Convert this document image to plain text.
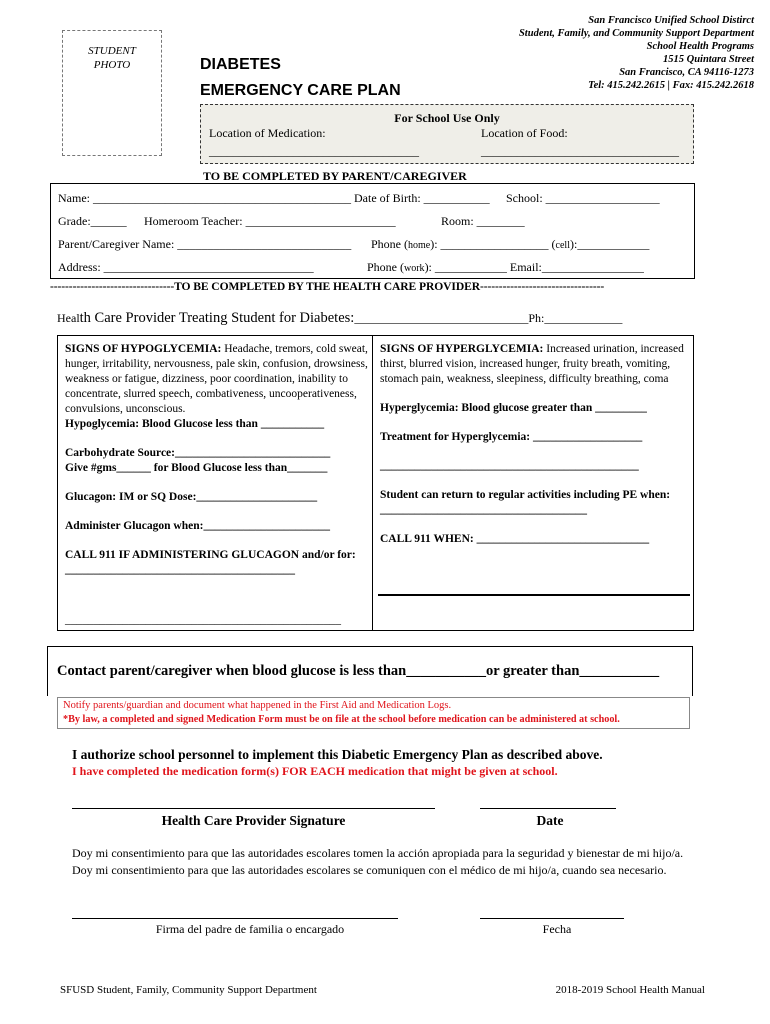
STUDENT
PHOTO	DIABETES
EMERGENCY CARE PLAN
San Francisco Unified School Distirct
Student, Family, and Community Support Department
School Health Programs
1515 Quintara Street
San Francisco, CA 94116-1273
Tel: 415.242.2615 | Fax: 415.242.2618
For School Use Only
Location of Medication:	Location of Food:
___________________________________	_________________________________
TO BE COMPLETED BY PARENT/CAREGIVER
Name: ___________________________________________ Date of Birth: ___________ School: ___________________
Grade:______ Homeroom Teacher: _________________________	Room: ________
Parent/Caregiver Name: _____________________________ Phone (home): __________________ (cell):____________
Address: ___________________________________	Phone (work): ____________ Email:_________________
---------------------------------TO BE COMPLETED BY THE HEALTH CARE PROVIDER---------------------------------
Health Care Provider Treating Student for Diabetes:_____________________________Ph:_____________
SIGNS OF HYPOGLYCEMIA: Headache, tremors, cold sweat, hunger, irritability, nervousness, pale skin, confusion, drowsiness, weakness or fatigue, dizziness, poor coordination, inability to concentrate, slurred speech, combativeness, uncooperativeness, convulsions, unconscious.
Hypoglycemia: Blood Glucose less than ___________
Carbohydrate Source:___________________________
Give #gms______ for Blood Glucose less than_______
Glucagon: IM or SQ Dose:_____________________
Administer Glucagon when:______________________
CALL 911 IF ADMINISTERING GLUCAGON and/or for: ________________________________________
________________________________________________
SIGNS OF HYPERGLYCEMIA: Increased urination, increased thirst, blurred vision, increased hunger, fruity breath, vomiting, stomach pain, weakness, sleepiness, difficulty breathing, coma
Hyperglycemia: Blood glucose greater than _________
Treatment for Hyperglycemia: ___________________
_____________________________________________
Student can return to regular activities including PE when: ____________________________________
CALL 911 WHEN: ______________________________
Contact parent/caregiver when blood glucose is less than___________or greater than___________
Notify parents/guardian and document what happened in the First Aid and Medication Logs.
*By law, a completed and signed Medication Form must be on file at the school before medication can be administered at school.
I authorize school personnel to implement this Diabetic Emergency Plan as described above.
I have completed the medication form(s) FOR EACH medication that might be given at school.
Health Care Provider Signature	Date
Doy mi consentimiento para que las autoridades escolares tomen la acción apropiada para la seguridad y bienestar de mi hijo/a. Doy mi consentimiento para que las autoridades escolares se comuniquen con el médico de mi hijo/a, cuando sea necesario.
Firma del padre de familia o encargado	Fecha
SFUSD Student, Family, Community Support Department	2018-2019 School Health Manual
